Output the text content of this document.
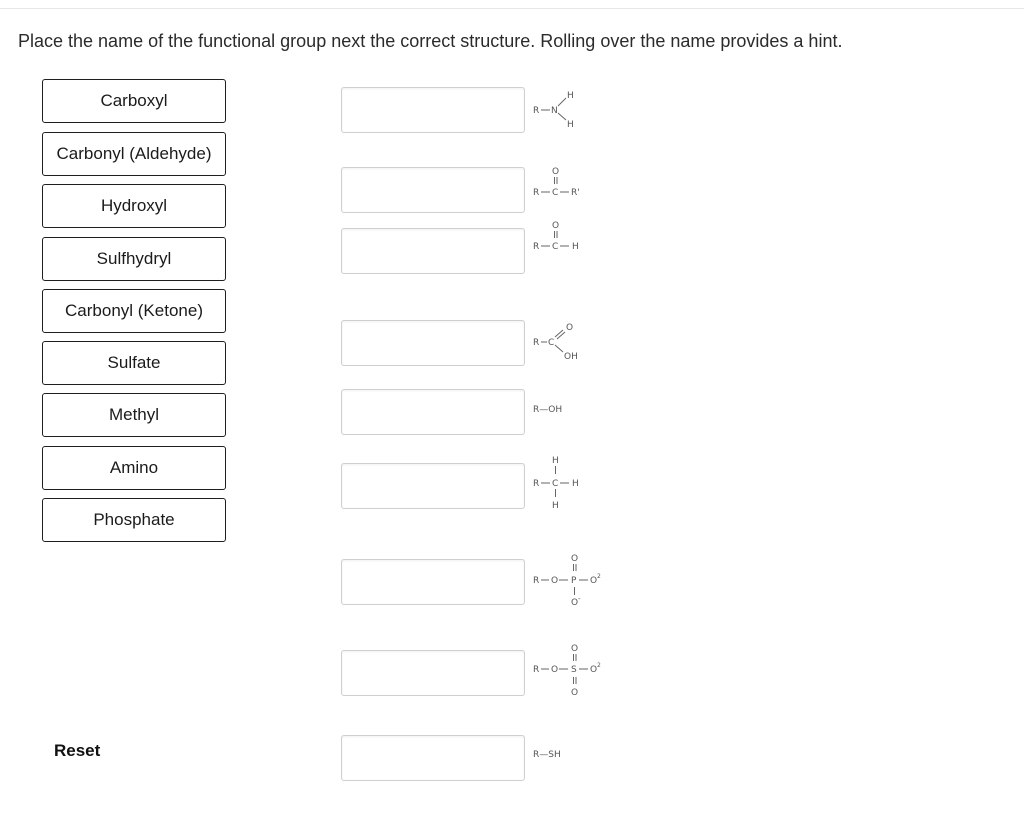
Place the name of the functional group next the correct structure. Rolling over the name provides a hint.
Carboxyl
Carbonyl (Aldehyde)
Hydroxyl
Sulfhydryl
Carbonyl (Ketone)
Sulfate
Methyl
Amino
Phosphate
Reset
R N
H
H
O
R C R'
O
R C H
R C
O
OH
R—OH
H
R C H
H
O
R O P O 2
O -
O
R O S O 2
O
R—SH
